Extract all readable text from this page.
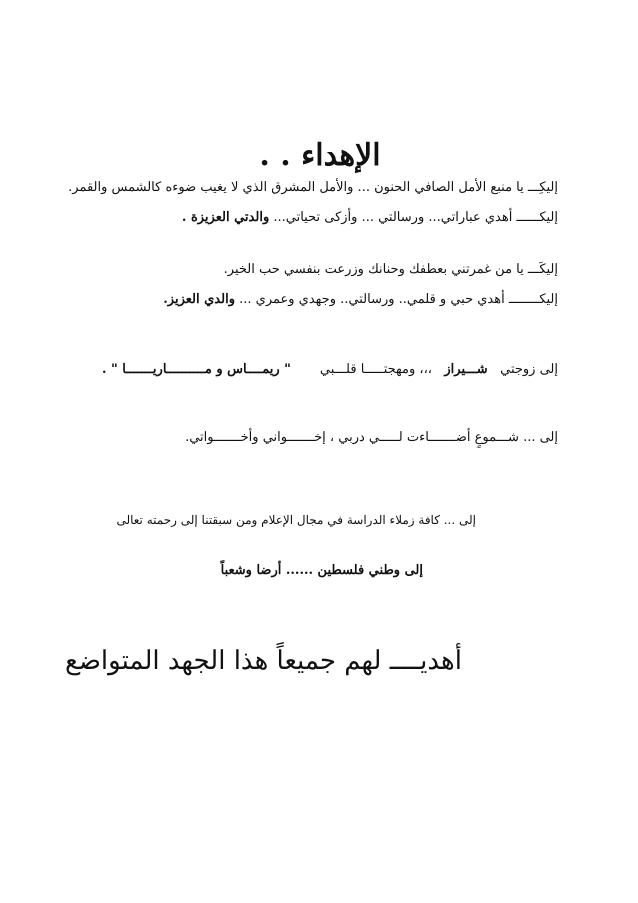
الإهداء . .
إليكِـــ يا منبع الأمل الصافي الحنون ... والأمل المشرق الذي لا يغيب ضوءه كالشمس والقمر.
إليكــــــ أهدي عباراتي... ورسالتي ... وأزكى تحياتي... والدتي العزيزة .
إليكَـــ يا من غمرتني بعطفك وحنانك وزرعت بنفسي حب الخير.
إليكــــــــ أهدي حبي و قلمي.. ورسالتي.. وجهدي وعمري ... والدي العزيز.
إلى زوجتي   شـــيراز   ،،، ومهجتـــــا قلـــبي       " ريمــــاس و مــــــــــاريـــــــا " .
إلى ... شـــموعٍ أضـــــــاءت لـــــي دربي ، إخـــــــواني وأخـــــــواتي.
إلى ... كافة زملاء الدراسة في مجال الإعلام ومن سبقتنا إلى رحمته تعالى
إلى وطني فلسطين ...... أرضا وشعباً
أهديــــ لهم جميعاً هذا الجهد المتواضع
